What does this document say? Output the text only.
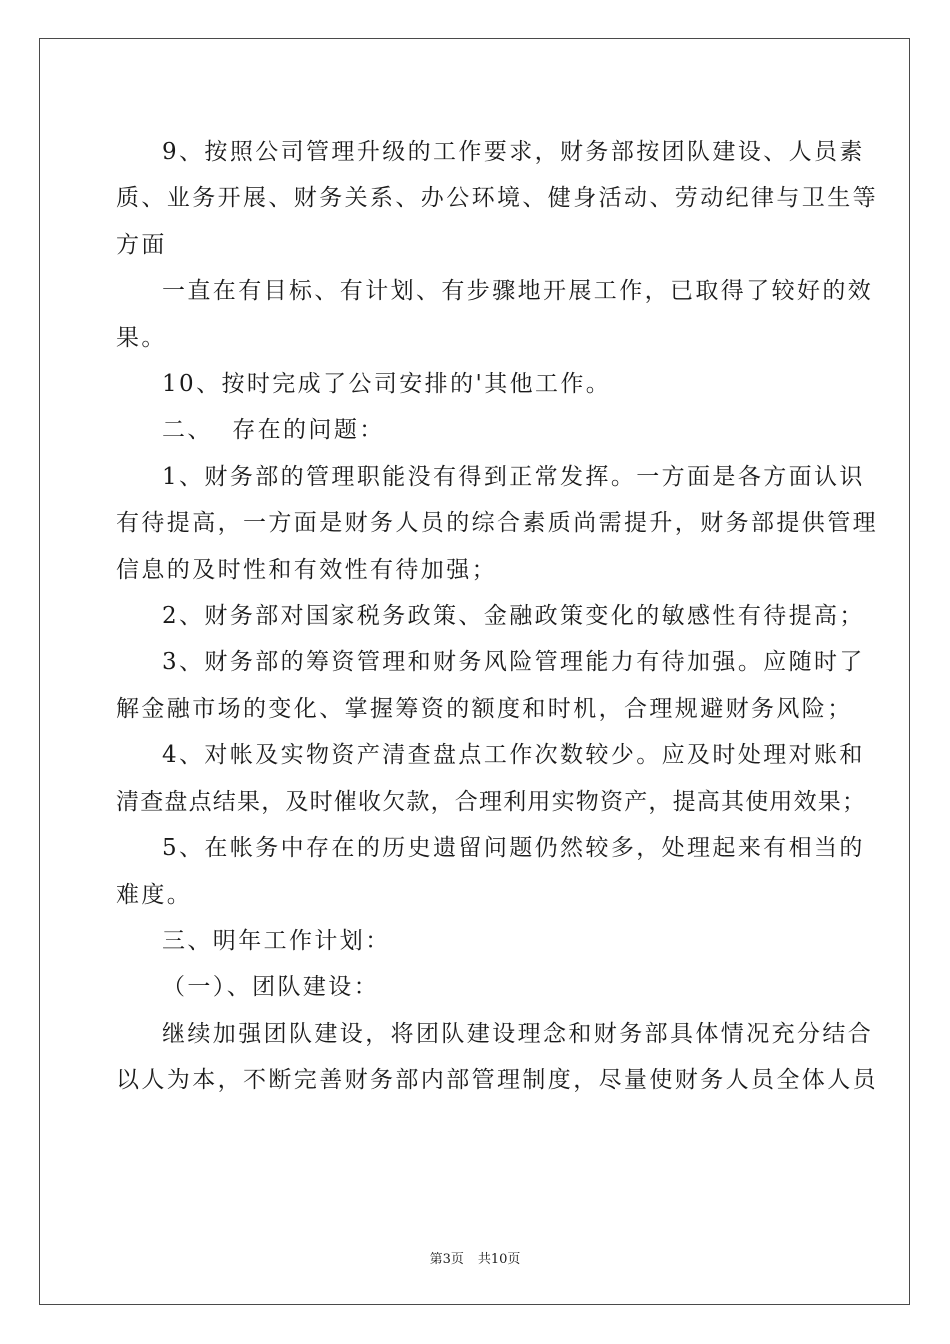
9、按照公司管理升级的工作要求，财务部按团队建设、人员素

质、业务开展、财务关系、办公环境、健身活动、劳动纪律与卫生等

方面

一直在有目标、有计划、有步骤地开展工作，已取得了较好的效

果。

10、按时完成了公司安排的'其他工作。

二、  存在的问题：

1、财务部的管理职能没有得到正常发挥。一方面是各方面认识

有待提高，一方面是财务人员的综合素质尚需提升，财务部提供管理

信息的及时性和有效性有待加强；

2、财务部对国家税务政策、金融政策变化的敏感性有待提高；

3、财务部的筹资管理和财务风险管理能力有待加强。应随时了

解金融市场的变化、掌握筹资的额度和时机，合理规避财务风险；

4、对帐及实物资产清查盘点工作次数较少。应及时处理对账和

清查盘点结果，及时催收欠款，合理利用实物资产，提高其使用效果；

5、在帐务中存在的历史遗留问题仍然较多，处理起来有相当的

难度。

三、明年工作计划：

（一）、团队建设：

继续加强团队建设，将团队建设理念和财务部具体情况充分结合

以人为本，不断完善财务部内部管理制度，尽量使财务人员全体人员

第3页 共10页
